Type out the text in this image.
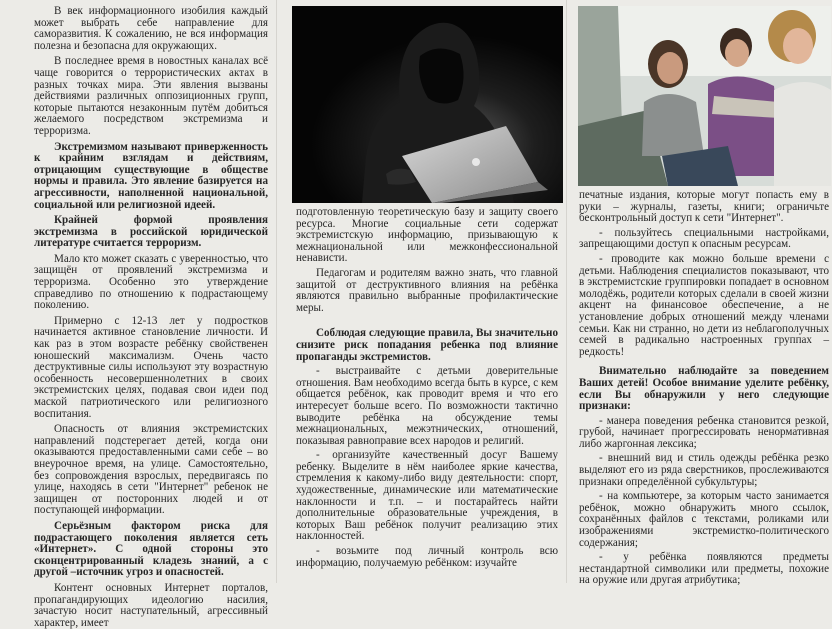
В век информационного изобилия каждый может выбрать себе направление для саморазвития. К сожалению, не вся информация полезна и безопасна для окружающих.

В последнее время в новостных каналах всё чаще говорится о террористических актах в разных точках мира. Эти явления вызваны действиями различных оппозиционных групп, которые пытаются незаконным путём добиться желаемого посредством экстремизма и терроризма.

Экстремизмом называют приверженность к крайним взглядам и действиям, отрицающим существующие в обществе нормы и правила. Это явление базируется на агрессивности, наполненной национальной, социальной или религиозной идеей.

Крайней формой проявления экстремизма в российской юридической литературе считается терроризм.

Мало кто может сказать с уверенностью, что защищён от проявлений экстремизма и терроризма. Особенно это утверждение справедливо по отношению к подрастающему поколению.

Примерно с 12-13 лет у подростков начинается активное становление личности. И как раз в этом возрасте ребёнку свойственен юношеский максимализм. Очень часто деструктивные силы используют эту возрастную особенность несовершеннолетних в своих экстремистских целях, подавая свои идеи под маской патриотического или религиозного воспитания.

Опасность от влияния экстремистских направлений подстерегает детей, когда они оказываются предоставленными сами себе – во внеурочное время, на улице. Самостоятельно, без сопровождения взрослых, передвигаясь по улице, находясь в сети "Интернет" ребенок не защищен от посторонних людей и от поступающей информации.

Серьёзным фактором риска для подрастающего поколения является сеть «Интернет». С одной стороны это сконцентрированный кладезь знаний, а с другой –источник угроз и опасностей.

Контент основных Интернет порталов, пропагандирующих идеологию насилия, зачастую носит наступательный, агрессивный характер, имеет

подготовленную теоретическую базу и защиту своего ресурса. Многие социальные сети содержат экстремистскую информацию, призывающую к межнациональной или межконфессиональной ненависти.

Педагогам и родителям важно знать, что главной защитой от деструктивного влияния на ребёнка являются правильно выбранные профилактические меры.

Соблюдая следующие правила, Вы значительно снизите риск попадания ребенка под влияние пропаганды экстремистов.

- выстраивайте с детьми доверительные отношения. Вам необходимо всегда быть в курсе, с кем общается ребёнок, как проводит время и что его интересует больше всего. По возможности тактично выводите ребёнка на обсуждение темы межнациональных, межэтнических, отношений, показывая равноправие всех народов и религий.

- организуйте качественный досуг Вашему ребенку. Выделите в нём наиболее яркие качества, стремления к какому-либо виду деятельности: спорт, художественные, динамические или математические наклонности и т.п. – и постарайтесь найти дополнительные образовательные учреждения, в которых Ваш ребёнок получит реализацию этих наклонностей.

- возьмите под личный контроль всю информацию, получаемую ребёнком: изучайте

печатные издания, которые могут попасть ему в руки – журналы, газеты, книги; ограничьте бесконтрольный доступ к сети "Интернет".

- пользуйтесь специальными настройками, запрещающими доступ к опасным ресурсам.

- проводите как можно больше времени с детьми. Наблюдения специалистов показывают, что в экстремистские группировки попадает в основном молодёжь, родители которых сделали в своей жизни акцент на финансовое обеспечение, а не установление добрых отношений между членами семьи. Как ни странно, но дети из неблагополучных семей в радикально настроенных группах – редкость!

Внимательно наблюдайте за поведением Ваших детей! Особое внимание уделите ребёнку, если Вы обнаружили у него следующие признаки:

- манера поведения ребенка становится резкой, грубой, начинает прогрессировать ненормативная либо жаргонная лексика;

- внешний вид и стиль одежды ребёнка резко выделяют его из ряда сверстников, прослеживаются признаки определённой субкультуры;

- на компьютере, за которым часто занимается ребёнок, можно обнаружить много ссылок, сохранённых файлов с текстами, роликами или изображениями экстремистко-политического содержания;

- у ребёнка появляются предметы нестандартной символики или предметы, похожие на оружие или другая атрибутика;
